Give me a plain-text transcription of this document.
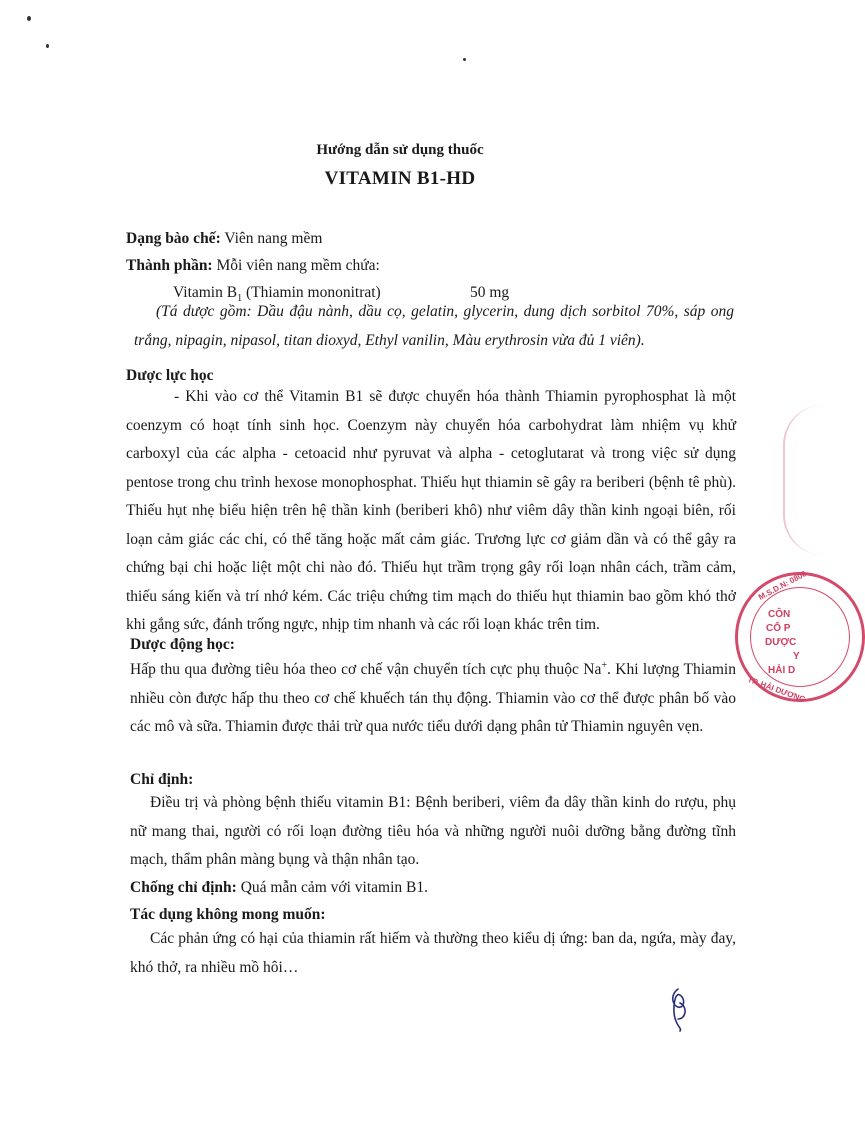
Hướng dẫn sử dụng thuốc
VITAMIN B1-HD
Dạng bào chế: Viên nang mềm
Thành phần: Mỗi viên nang mềm chứa:
Vitamin $B_1$ (Thiamin mononitrat)	50 mg

(Tá dược gồm: Dầu đậu nành, dầu cọ, gelatin, glycerin, dung dịch sorbitol 70%, sáp ong trắng, nipagin, nipasol, titan dioxyd, Ethyl vanilin, Màu erythrosin vừa đủ 1 viên).

Dược lực học

- Khi vào cơ thể Vitamin B1 sẽ được chuyển hóa thành Thiamin pyrophosphat là một coenzym có hoạt tính sinh học. Coenzym này chuyển hóa carbohydrat làm nhiệm vụ khử carboxyl của các alpha - cetoacid như pyruvat và alpha - cetoglutarat và trong việc sử dụng pentose trong chu trình hexose monophosphat. Thiếu hụt thiamin sẽ gây ra beriberi (bệnh tê phù). Thiếu hụt nhẹ biểu hiện trên hệ thần kinh (beriberi khô) như viêm dây thần kinh ngoại biên, rối loạn cảm giác các chi, có thể tăng hoặc mất cảm giác. Trương lực cơ giảm dần và có thể gây ra chứng bại chi hoặc liệt một chi nào đó. Thiếu hụt trầm trọng gây rối loạn nhân cách, trầm cảm, thiếu sáng kiến và trí nhớ kém. Các triệu chứng tim mạch do thiếu hụt thiamin bao gồm khó thở khi gắng sức, đánh trống ngực, nhịp tim nhanh và các rối loạn khác trên tim.

Dược động học:

Hấp thu qua đường tiêu hóa theo cơ chế vận chuyển tích cực phụ thuộc Na+. Khi lượng Thiamin nhiều còn được hấp thu theo cơ chế khuếch tán thụ động. Thiamin vào cơ thể được phân bố vào các mô và sữa. Thiamin được thải trừ qua nước tiểu dưới dạng phân tử Thiamin nguyên vẹn.

Chỉ định:

Điều trị và phòng bệnh thiếu vitamin B1: Bệnh beriberi, viêm đa dây thần kinh do rượu, phụ nữ mang thai, người có rối loạn đường tiêu hóa và những người nuôi dưỡng bằng đường tĩnh mạch, thẩm phân màng bụng và thận nhân tạo.

Chống chỉ định: Quá mẫn cảm với vitamin B1.
Tác dụng không mong muốn:

Các phản ứng có hại của thiamin rất hiếm và thường theo kiểu dị ứng: ban da, ngứa, mày đay, khó thở, ra nhiều mồ hôi…

M.S.D.N: 0800
CÔN
CỔ P
DƯỢC
Y
HẢI D
TP. HẢI DƯƠNG
